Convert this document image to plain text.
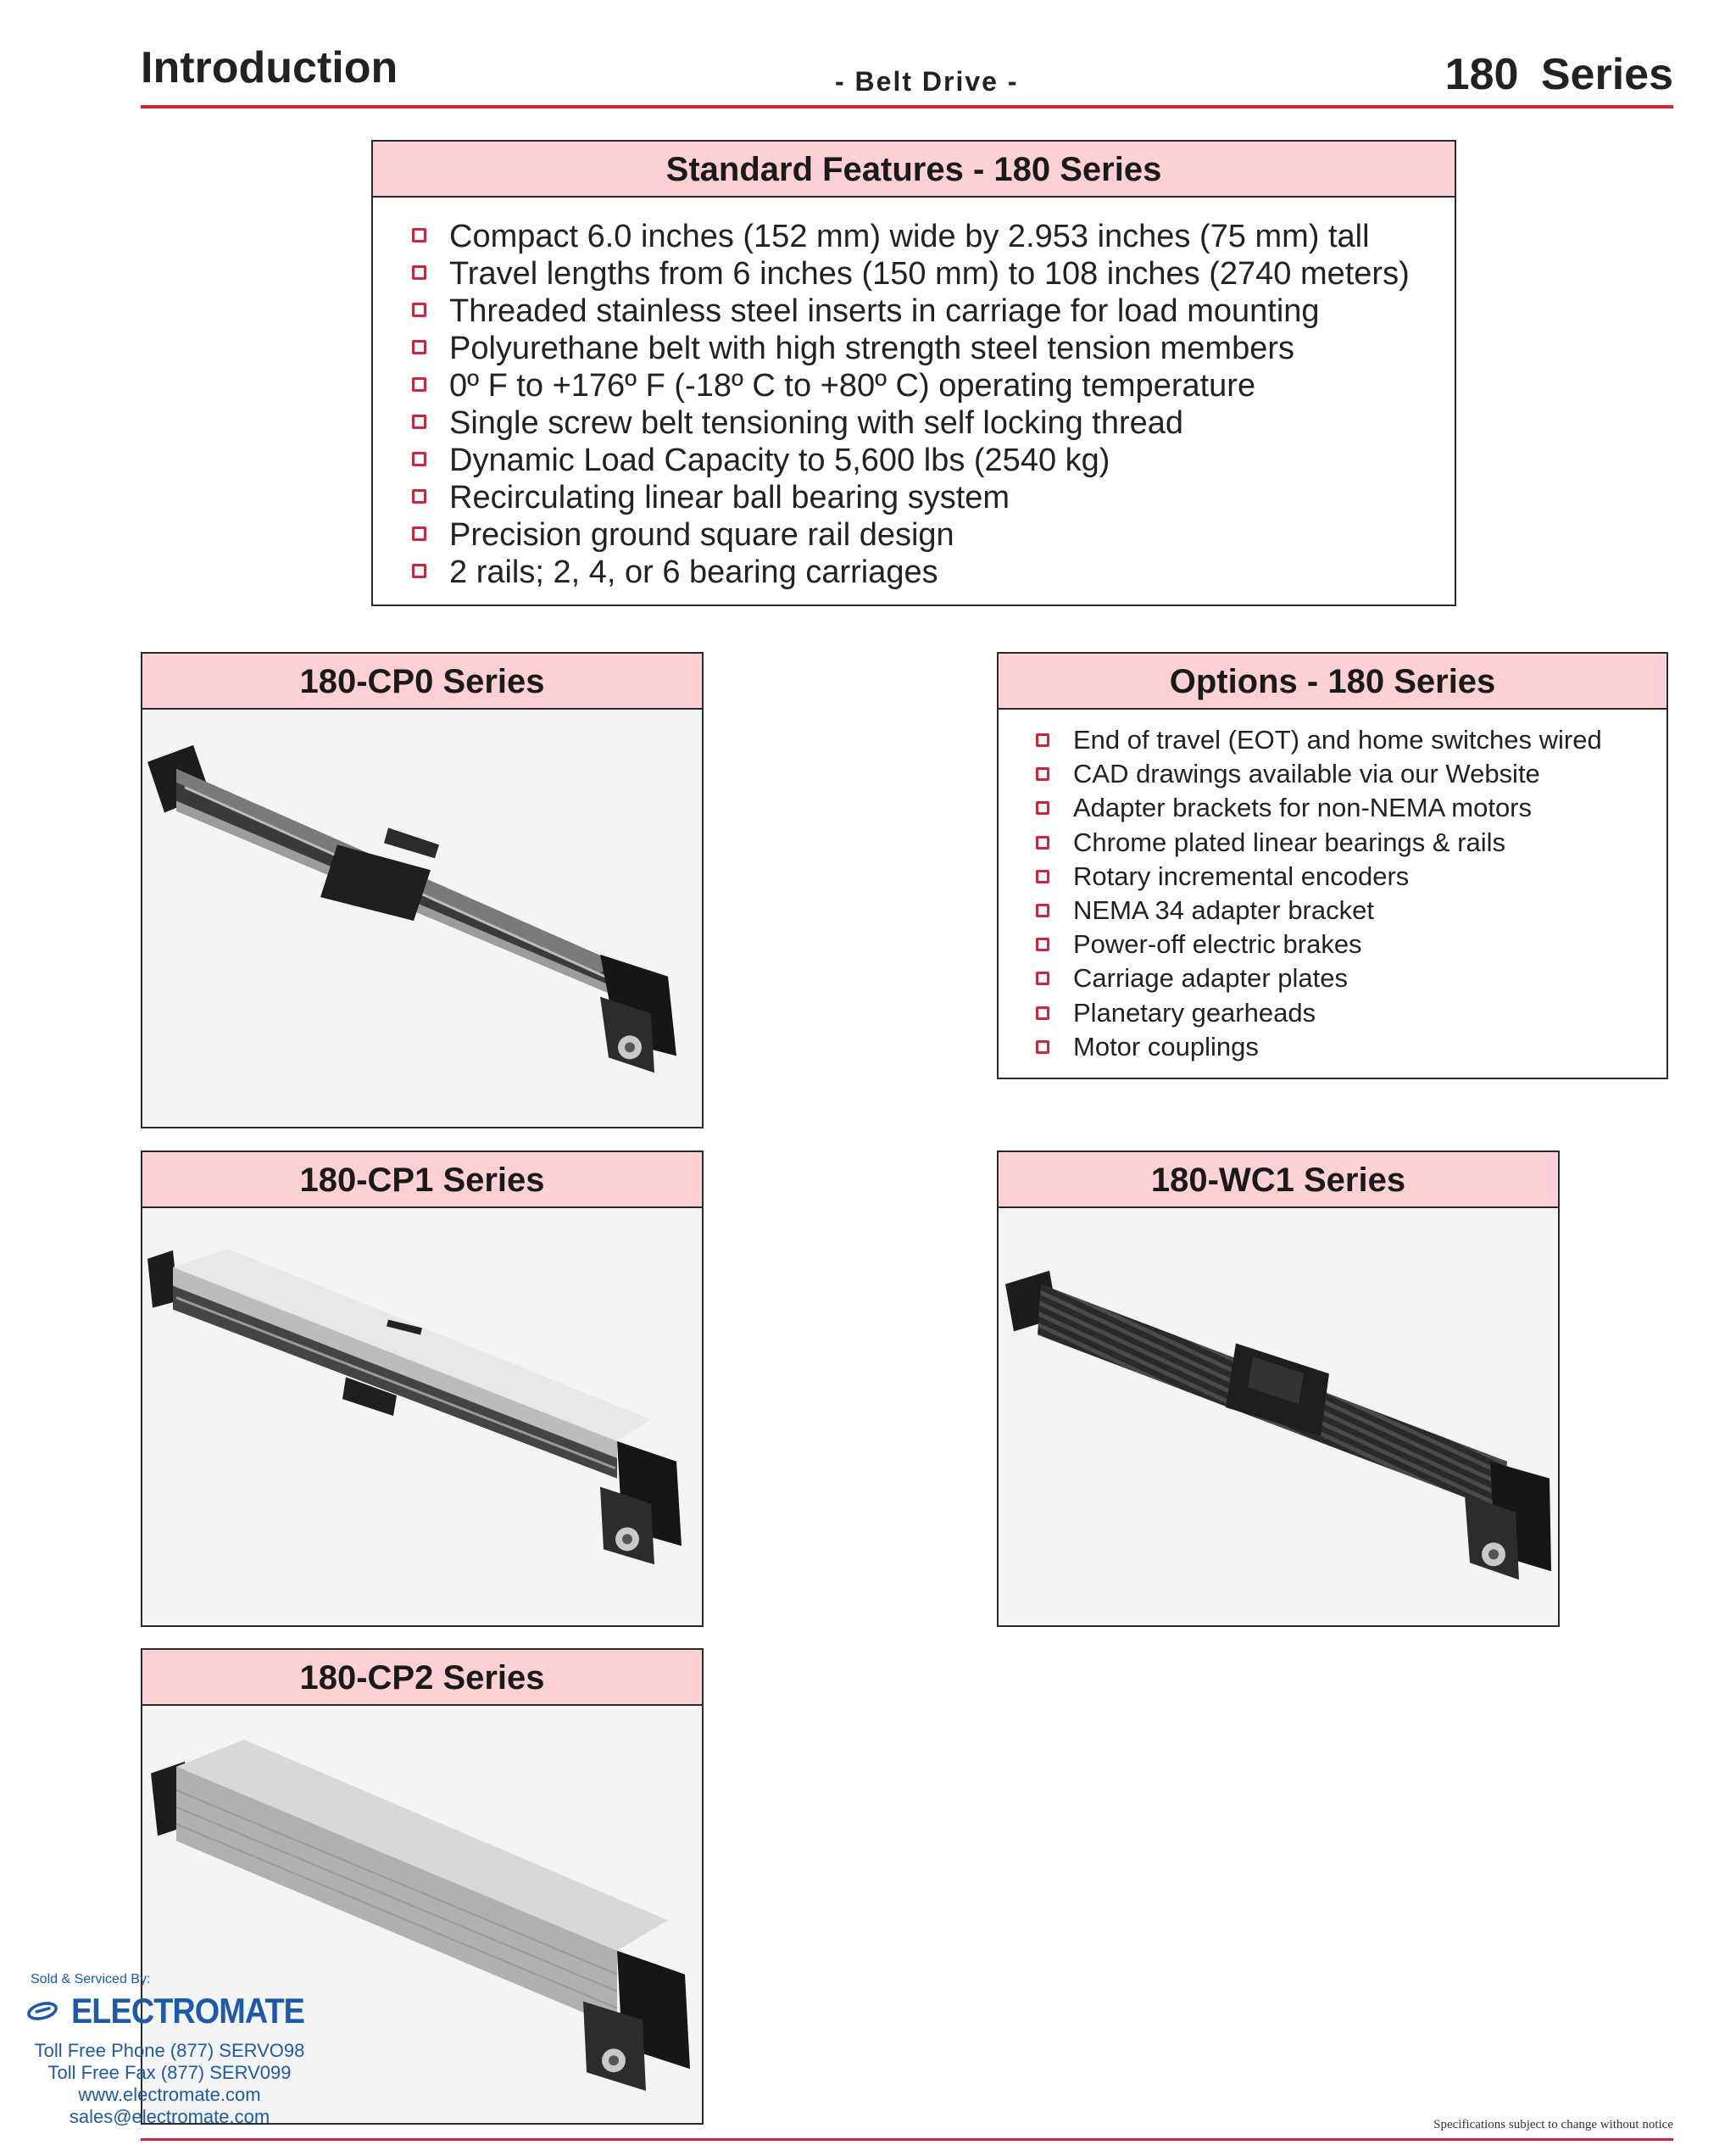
Introduction	- Belt Drive -	180 Series
Standard Features - 180 Series
Compact 6.0 inches (152 mm) wide by 2.953 inches (75 mm) tall
Travel lengths from 6 inches (150 mm) to 108 inches (2740 meters)
Threaded stainless steel inserts in carriage for load mounting
Polyurethane belt with high strength steel tension members
0º F to +176º F (-18º C to +80º C) operating temperature
Single screw belt tensioning with self locking thread
Dynamic Load Capacity to 5,600 lbs (2540 kg)
Recirculating linear ball bearing system
Precision ground square rail design
2 rails; 2, 4, or 6 bearing carriages
Options - 180 Series
End of travel (EOT) and home switches wired
CAD drawings available via our Website
Adapter brackets for non-NEMA motors
Chrome plated linear bearings & rails
Rotary incremental encoders
NEMA 34 adapter bracket
Power-off electric brakes
Carriage adapter plates
Planetary gearheads
Motor couplings
180-CP0 Series
180-CP1 Series	180-WC1 Series
180-CP2 Series
Sold & Serviced By:
ELECTROMATE
Toll Free Phone (877) SERVO98
Toll Free Fax (877) SERV099
www.electromate.com
sales@electromate.com	Specifications subject to change without notice
